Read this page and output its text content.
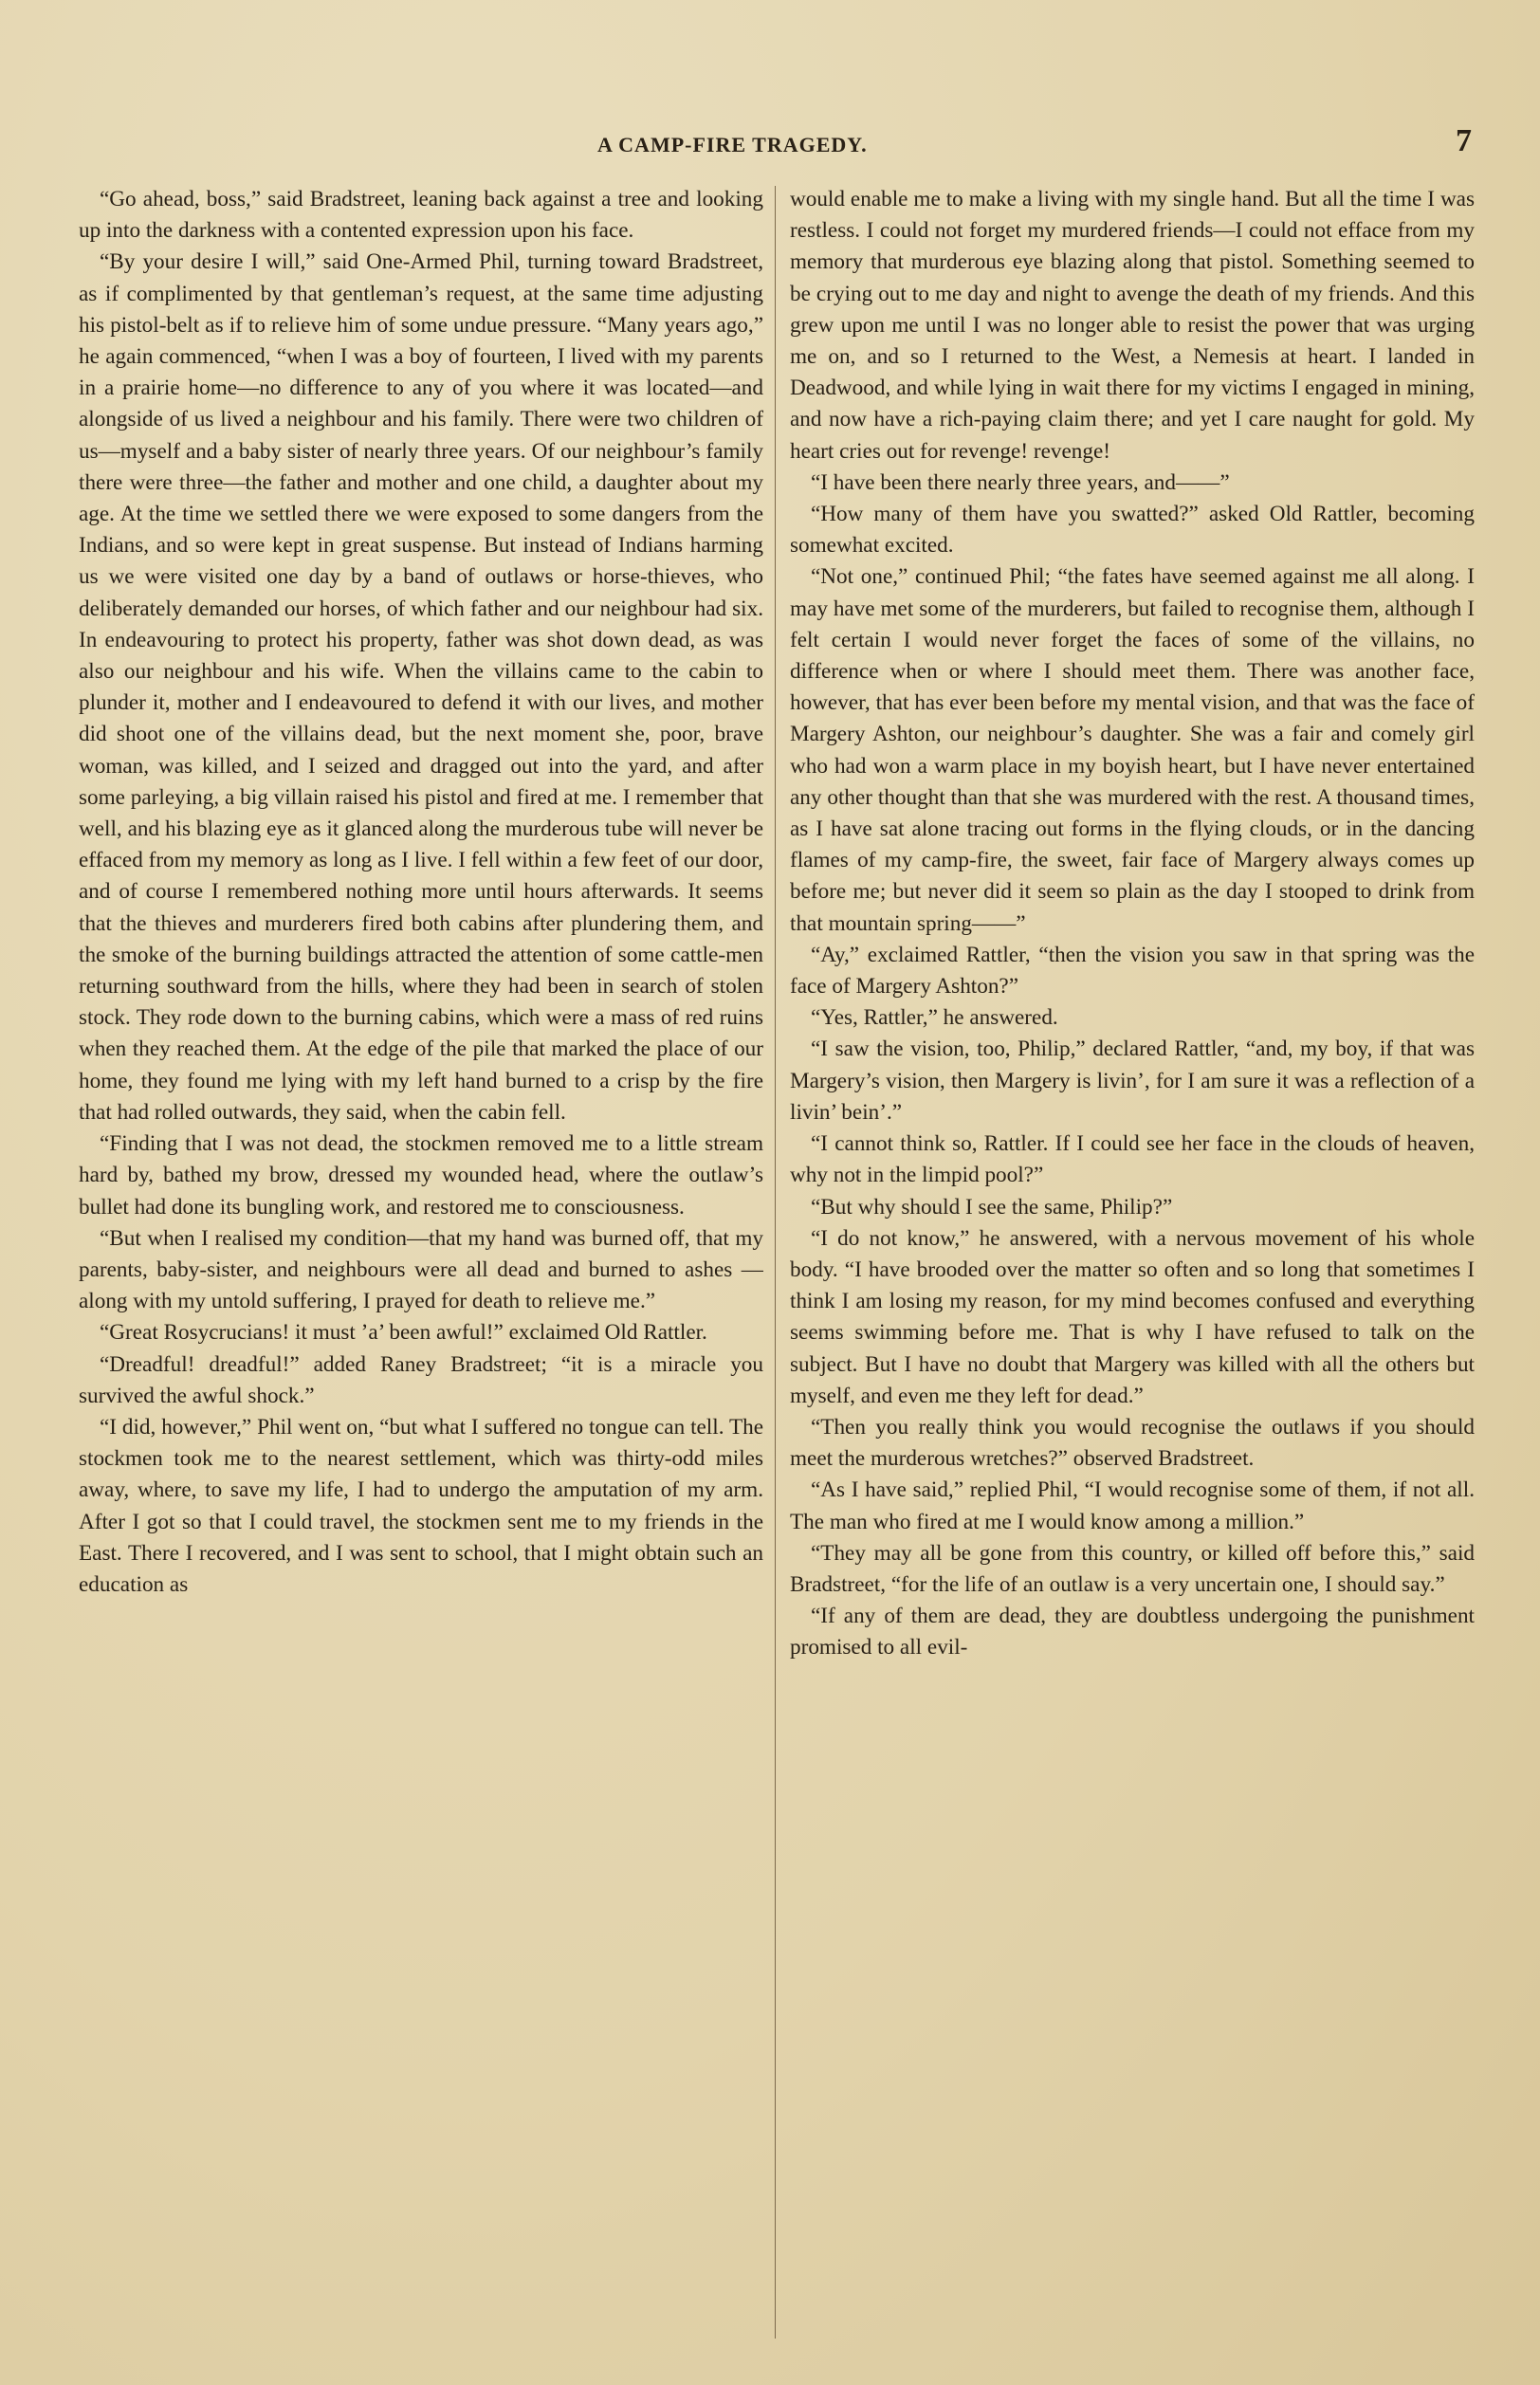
A CAMP-FIRE TRAGEDY.	7

“Go ahead, boss,” said Bradstreet, leaning back against a tree and looking up into the darkness with a contented expression upon his face.

“By your desire I will,” said One-Armed Phil, turning toward Bradstreet, as if complimented by that gentleman’s request, at the same time adjusting his pistol-belt as if to relieve him of some undue pressure. “Many years ago,” he again commenced, “when I was a boy of fourteen, I lived with my parents in a prairie home—no difference to any of you where it was located—and alongside of us lived a neighbour and his family. There were two children of us—myself and a baby sister of nearly three years. Of our neighbour’s family there were three—the father and mother and one child, a daughter about my age. At the time we settled there we were exposed to some dangers from the Indians, and so were kept in great suspense. But instead of Indians harming us we were visited one day by a band of outlaws or horse-thieves, who deliberately demanded our horses, of which father and our neighbour had six. In endeavouring to protect his property, father was shot down dead, as was also our neighbour and his wife. When the villains came to the cabin to plunder it, mother and I endeavoured to defend it with our lives, and mother did shoot one of the villains dead, but the next moment she, poor, brave woman, was killed, and I seized and dragged out into the yard, and after some parleying, a big villain raised his pistol and fired at me. I remember that well, and his blazing eye as it glanced along the murderous tube will never be effaced from my memory as long as I live. I fell within a few feet of our door, and of course I remembered nothing more until hours afterwards. It seems that the thieves and murderers fired both cabins after plundering them, and the smoke of the burning buildings attracted the attention of some cattle-men returning southward from the hills, where they had been in search of stolen stock. They rode down to the burning cabins, which were a mass of red ruins when they reached them. At the edge of the pile that marked the place of our home, they found me lying with my left hand burned to a crisp by the fire that had rolled outwards, they said, when the cabin fell.

“Finding that I was not dead, the stockmen removed me to a little stream hard by, bathed my brow, dressed my wounded head, where the outlaw’s bullet had done its bungling work, and restored me to consciousness.

“But when I realised my condition—that my hand was burned off, that my parents, baby-sister, and neighbours were all dead and burned to ashes —along with my untold suffering, I prayed for death to relieve me.”

“Great Rosycrucians! it must ’a’ been awful!” exclaimed Old Rattler.

“Dreadful! dreadful!” added Raney Bradstreet; “it is a miracle you survived the awful shock.”

“I did, however,” Phil went on, “but what I suffered no tongue can tell. The stockmen took me to the nearest settlement, which was thirty-odd miles away, where, to save my life, I had to undergo the amputation of my arm. After I got so that I could travel, the stockmen sent me to my friends in the East. There I recovered, and I was sent to school, that I might obtain such an education as

would enable me to make a living with my single hand. But all the time I was restless. I could not forget my murdered friends—I could not efface from my memory that murderous eye blazing along that pistol. Something seemed to be crying out to me day and night to avenge the death of my friends. And this grew upon me until I was no longer able to resist the power that was urging me on, and so I returned to the West, a Nemesis at heart. I landed in Deadwood, and while lying in wait there for my victims I engaged in mining, and now have a rich-paying claim there; and yet I care naught for gold. My heart cries out for revenge! revenge!

“I have been there nearly three years, and——”

“How many of them have you swatted?” asked Old Rattler, becoming somewhat excited.

“Not one,” continued Phil; “the fates have seemed against me all along. I may have met some of the murderers, but failed to recognise them, although I felt certain I would never forget the faces of some of the villains, no difference when or where I should meet them. There was another face, however, that has ever been before my mental vision, and that was the face of Margery Ashton, our neighbour’s daughter. She was a fair and comely girl who had won a warm place in my boyish heart, but I have never entertained any other thought than that she was murdered with the rest. A thousand times, as I have sat alone tracing out forms in the flying clouds, or in the dancing flames of my camp-fire, the sweet, fair face of Margery always comes up before me; but never did it seem so plain as the day I stooped to drink from that mountain spring——”

“Ay,” exclaimed Rattler, “then the vision you saw in that spring was the face of Margery Ashton?”

“Yes, Rattler,” he answered.

“I saw the vision, too, Philip,” declared Rattler, “and, my boy, if that was Margery’s vision, then Margery is livin’, for I am sure it was a reflection of a livin’ bein’.”

“I cannot think so, Rattler. If I could see her face in the clouds of heaven, why not in the limpid pool?”

“But why should I see the same, Philip?”

“I do not know,” he answered, with a nervous movement of his whole body. “I have brooded over the matter so often and so long that sometimes I think I am losing my reason, for my mind becomes confused and everything seems swimming before me. That is why I have refused to talk on the subject. But I have no doubt that Margery was killed with all the others but myself, and even me they left for dead.”

“Then you really think you would recognise the outlaws if you should meet the murderous wretches?” observed Bradstreet.

“As I have said,” replied Phil, “I would recognise some of them, if not all. The man who fired at me I would know among a million.”

“They may all be gone from this country, or killed off before this,” said Bradstreet, “for the life of an outlaw is a very uncertain one, I should say.”

“If any of them are dead, they are doubtless undergoing the punishment promised to all evil-
